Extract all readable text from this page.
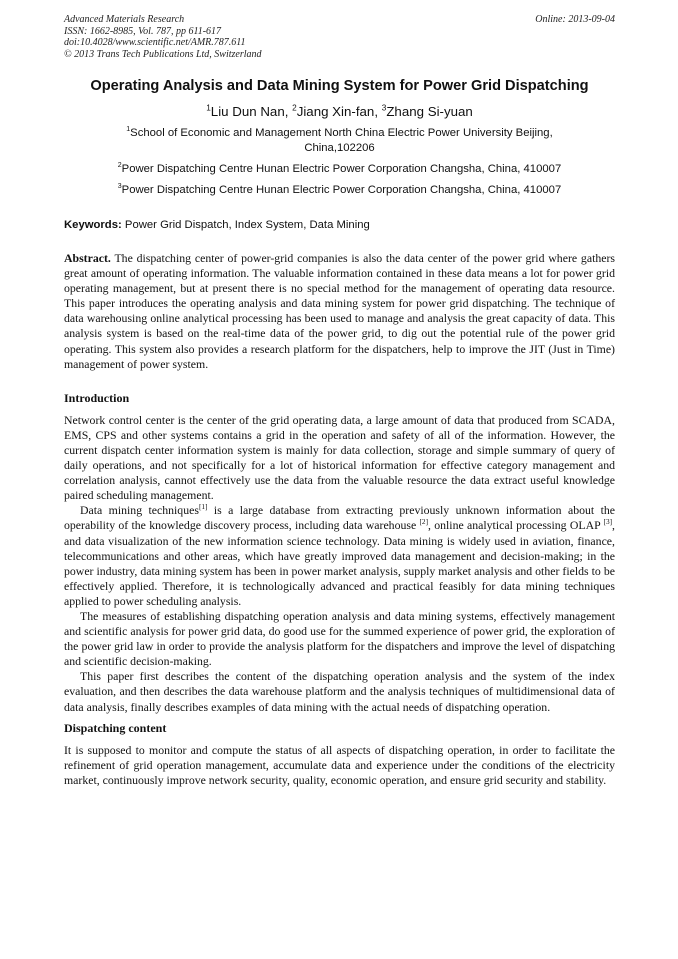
Advanced Materials Research
ISSN: 1662-8985, Vol. 787, pp 611-617
doi:10.4028/www.scientific.net/AMR.787.611
© 2013 Trans Tech Publications Ltd, Switzerland
Online: 2013-09-04
Operating Analysis and Data Mining System for Power Grid Dispatching
$^1$Liu Dun Nan, $^2$Jiang Xin-fan, $^3$Zhang Si-yuan
$^1$School of Economic and Management North China Electric Power University Beijing,
China,102206
$^2$Power Dispatching Centre Hunan Electric Power Corporation Changsha, China, 410007
$^3$Power Dispatching Centre Hunan Electric Power Corporation Changsha, China, 410007
Keywords: Power Grid Dispatch, Index System, Data Mining
Abstract. The dispatching center of power-grid companies is also the data center of the power grid where gathers great amount of operating information. The valuable information contained in these data means a lot for power grid operating management, but at present there is no special method for the management of operating data resource. This paper introduces the operating analysis and data mining system for power grid dispatching. The technique of data warehousing online analytical processing has been used to manage and analysis the great capacity of data. This analysis system is based on the real-time data of the power grid, to dig out the potential rule of the power grid operating. This system also provides a research platform for the dispatchers, help to improve the JIT (Just in Time) management of power system.
Introduction

Network control center is the center of the grid operating data, a large amount of data that produced from SCADA, EMS, CPS and other systems contains a grid in the operation and safety of all of the information. However, the current dispatch center information system is mainly for data collection, storage and simple summary of query of daily operations, and not specifically for a lot of historical information for effective category management and correlation analysis, cannot effectively use the data from the valuable resource the data extract useful knowledge paired scheduling management.

Data mining techniques[1] is a large database from extracting previously unknown information about the operability of the knowledge discovery process, including data warehouse [2], online analytical processing OLAP [3], and data visualization of the new information science technology. Data mining is widely used in aviation, finance, telecommunications and other areas, which have greatly improved data management and decision-making; in the power industry, data mining system has been in power market analysis, supply market analysis and other fields to be effectively applied. Therefore, it is technologically advanced and practical feasibly for data mining techniques applied to power scheduling analysis.

The measures of establishing dispatching operation analysis and data mining systems, effectively management and scientific analysis for power grid data, do good use for the summed experience of power grid, the exploration of the power grid law in order to provide the analysis platform for the dispatchers and improve the level of dispatching and scientific decision-making.

This paper first describes the content of the dispatching operation analysis and the system of the index evaluation, and then describes the data warehouse platform and the analysis techniques of multidimensional data of data analysis, finally describes examples of data mining with the actual needs of dispatching operation.

Dispatching content

It is supposed to monitor and compute the status of all aspects of dispatching operation, in order to facilitate the refinement of grid operation management, accumulate data and experience under the conditions of the electricity market, continuously improve network security, quality, economic operation, and ensure grid security and stability.
